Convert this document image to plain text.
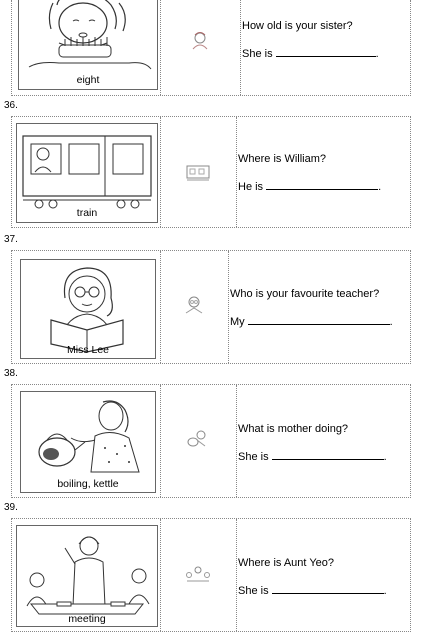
eight
How old is your sister?
She is	.
36.
train
Where is William?
He is	.
37.
Miss Lee
Who is your favourite teacher?
My	.
38.
boiling, kettle
What is mother doing?
She is	.
39.
meeting
Where is Aunt Yeo?
She is	.
